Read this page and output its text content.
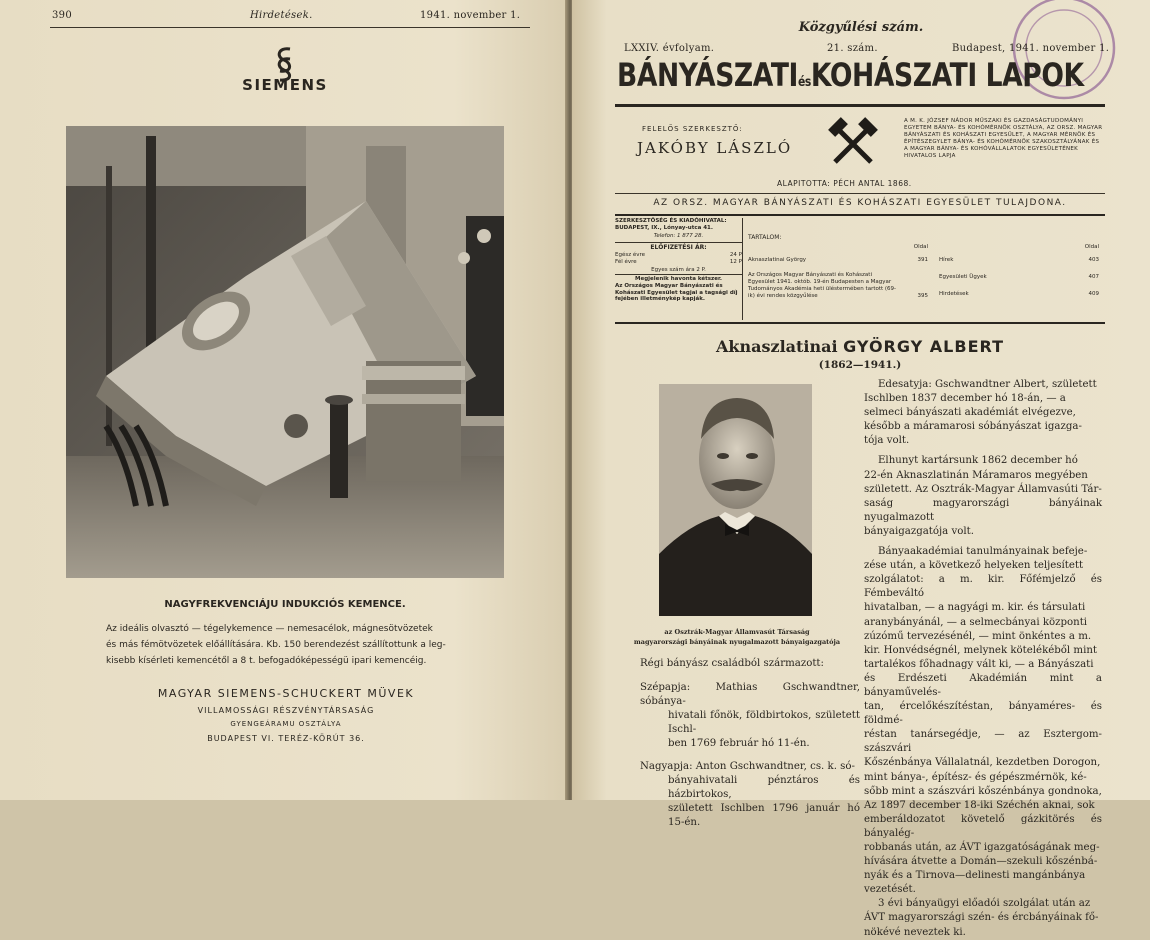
390	Hirdetések.	1941. november 1.
SIEMENS
NAGYFREKVENCIÁJU INDUKCIÓS KEMENCE.
Az ideális olvasztó — tégelykemence — nemesacélok, mágnesötvözetek
és más fémötvözetek előállítására. Kb. 150 berendezést szállítottunk a leg-
kisebb kísérleti kemencétől a 8 t. befogadóképességü ipari kemencéig.
MAGYAR SIEMENS-SCHUCKERT MÜVEK
VILLAMOSSÁGI RÉSZVÉNYTÁRSASÁG
GYENGEÁRAMU OSZTÁLYA
BUDAPEST VI. TERÉZ-KÖRÚT 36.
Közgyűlési szám.
LXXIV. évfolyam.	21. szám.	Budapest, 1941. november 1.
BÁNYÁSZATIésKOHÁSZATI LAPOK
FELELŐS SZERKESZTŐ:
JAKÓBY LÁSZLÓ
A M. K. JÓZSEF NÁDOR MŰSZAKI ÉS GAZDASÁGTUDOMÁNYI EGYETEM BÁNYA- ÉS KOHÓMÉRNÖK OSZTÁLYA, AZ ORSZ. MAGYAR BÁNYÁSZATI ÉS KOHÁSZATI EGYESÜLET, A MAGYAR MÉRNÖK ÉS ÉPÍTÉSZEGYLET BÁNYA- ÉS KOHÓMÉRNÖK SZAKOSZTÁLYÁNAK ÉS A MAGYAR BÁNYA- ÉS KOHÓVÁLLALATOK EGYESÜLETÉNEK HIVATALOS LAPJA
ALAPITOTTA: PÉCH ANTAL 1868.
AZ ORSZ. MAGYAR BÁNYÁSZATI ÉS KOHÁSZATI EGYESÜLET TULAJDONA.
SZERKESZTŐSÉG ÉS KIADÓHIVATAL:
BUDAPEST, IX., Lónyay-utca 41.
Telefon: 1 877 28.
ELŐFIZETÉSI ÁR:
Egész évre	24 P
Fél évre	12 P
Egyes szám ára 2 P.
Megjelenik havonta kétszer.
Az Országos Magyar Bányászati és Kohászati Egyesület tagjai a tagsági díj fejében illetménykép kapják.
TARTALOM:
Oldal
Aknaszlatinai György	391
Az Országos Magyar Bányászati és Kohászati Egyesület 1941. októb. 19-én Budapesten a Magyar Tudományos Akadémia heti üléstermében tartott (69-ik) évi rendes közgyűlése	395
Oldal
Hírek	403
Egyesületi Ügyek	407
Hirdetések	409
Aknaszlatinai GYÖRGY ALBERT
(1862—1941.)
az Osztrák-Magyar Államvasút Társaság
magyarországi bányáinak nyugalmazott bányaigazgatója
Régi bányász családból származott:
Szépapja: Mathias Gschwandtner, sóbánya-
hivatali főnök, földbirtokos, született Ischl-
ben 1769 február hó 11-én.
Nagyapja: Anton Gschwandtner, cs. k. só-
bányahivatali pénztáros és házbirtokos,
született Ischlben 1796 január hó 15-én.
Edesatyja: Gschwandtner Albert, született
Ischlben 1837 december hó 18-án, — a
selmeci bányászati akadémiát elvégezve,
később a máramarosi sóbányászat igazga-
tója volt.
Elhunyt kartársunk 1862 december hó
22-én Aknaszlatinán Máramaros megyében
született. Az Osztrák-Magyar Államvasúti Tár-
saság magyarországi bányáinak nyugalmazott
bányaigazgatója volt.
Bányaakadémiai tanulmányainak befeje-
zése után, a következő helyeken teljesített
szolgálatot: a m. kir. Főfémjelző és Fémbeváltó
hivatalban, — a nagyági m. kir. és társulati
aranybányánál, — a selmecbányai központi
zúzómű tervezésénél, — mint önkéntes a m.
kir. Honvédségnél, melynek kötelékéből mint
tartalékos főhadnagy vált ki, — a Bányászati
és Erdészeti Akadémián mint a bányaművelés-
tan, ércelőkészítéstan, bányaméres- és földmé-
réstan tanársegédje, — az Esztergom-szászvári
Kőszénbánya Vállalatnál, kezdetben Dorogon,
mint bánya-, építész- és gépészmérnök, ké-
sőbb mint a szászvári kőszénbánya gondnoka,
Az 1897 december 18-iki Széchén aknai, sok
emberáldozatot követelő gázkitörés és bányalég-
robbanás után, az ÁVT igazgatóságának meg-
hívására átvette a Domán—szekuli kőszénbá-
nyák és a Tirnova—delinesti mangánbánya
vezetését.
3 évi bányaügyi előadói szolgálat után az
ÁVT magyarországi szén- és ércbányáinak fő-
nökévé neveztek ki.
